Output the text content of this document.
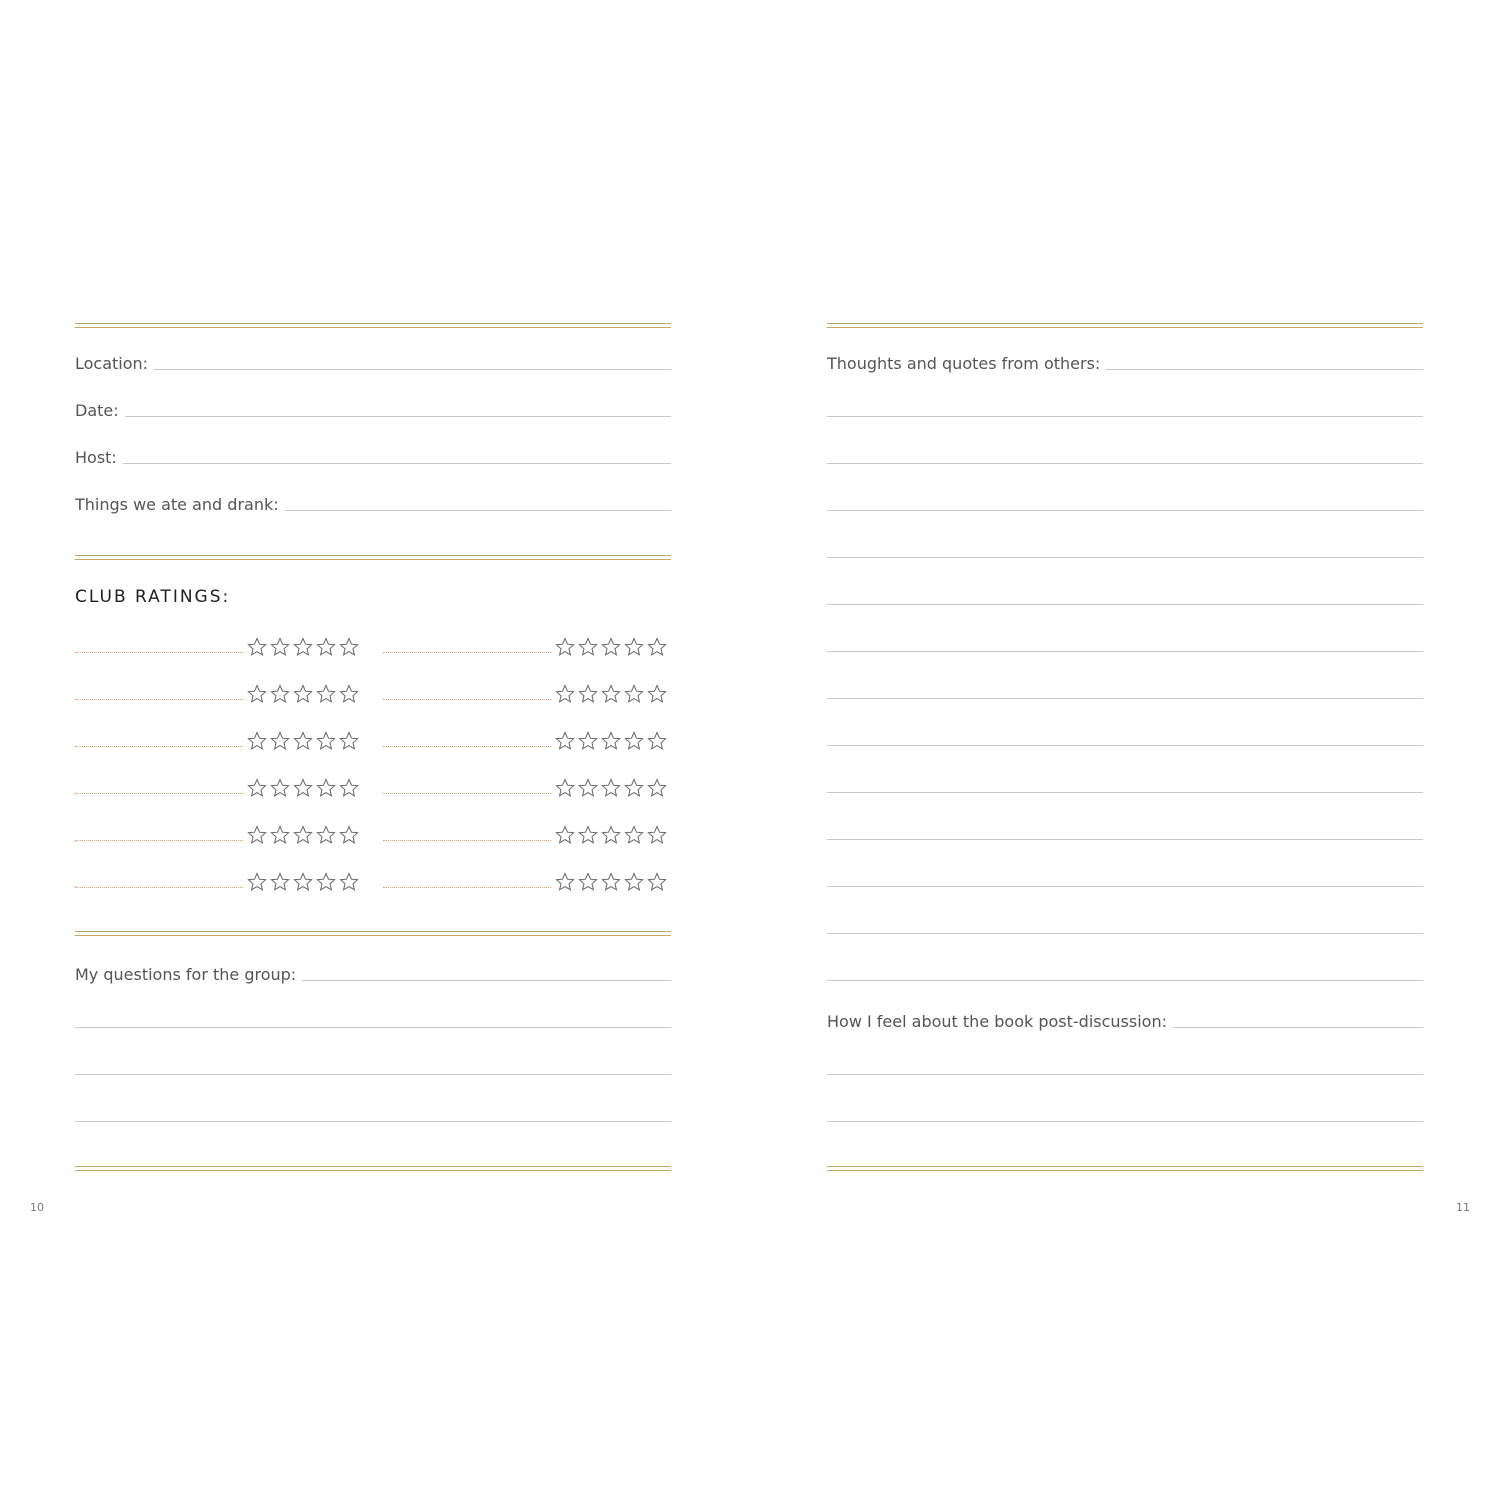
Location:
Date:
Host:
Things we ate and drank:
CLUB RATINGS:
My questions for the group:
Thoughts and quotes from others:
How I feel about the book post-discussion:
10	11
